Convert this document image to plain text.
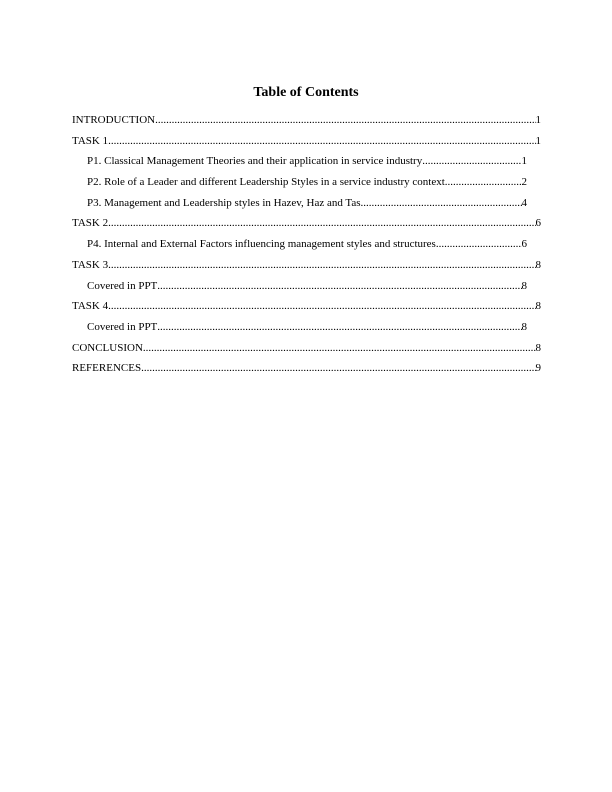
Table of Contents
INTRODUCTION .....	1
TASK 1 .....	1
P1. Classical Management Theories and their application in service industry .....	1
P2. Role of a Leader and different Leadership Styles in a service industry context .....	2
P3. Management and Leadership styles in Hazev, Haz and Tas .....	4
TASK 2 .....	6
P4. Internal and External Factors influencing management styles and structures .....	6
TASK 3 .....	8
Covered in PPT .....	8
TASK 4 .....	8
Covered in PPT .....	8
CONCLUSION .....	8
REFERENCES .....	9
